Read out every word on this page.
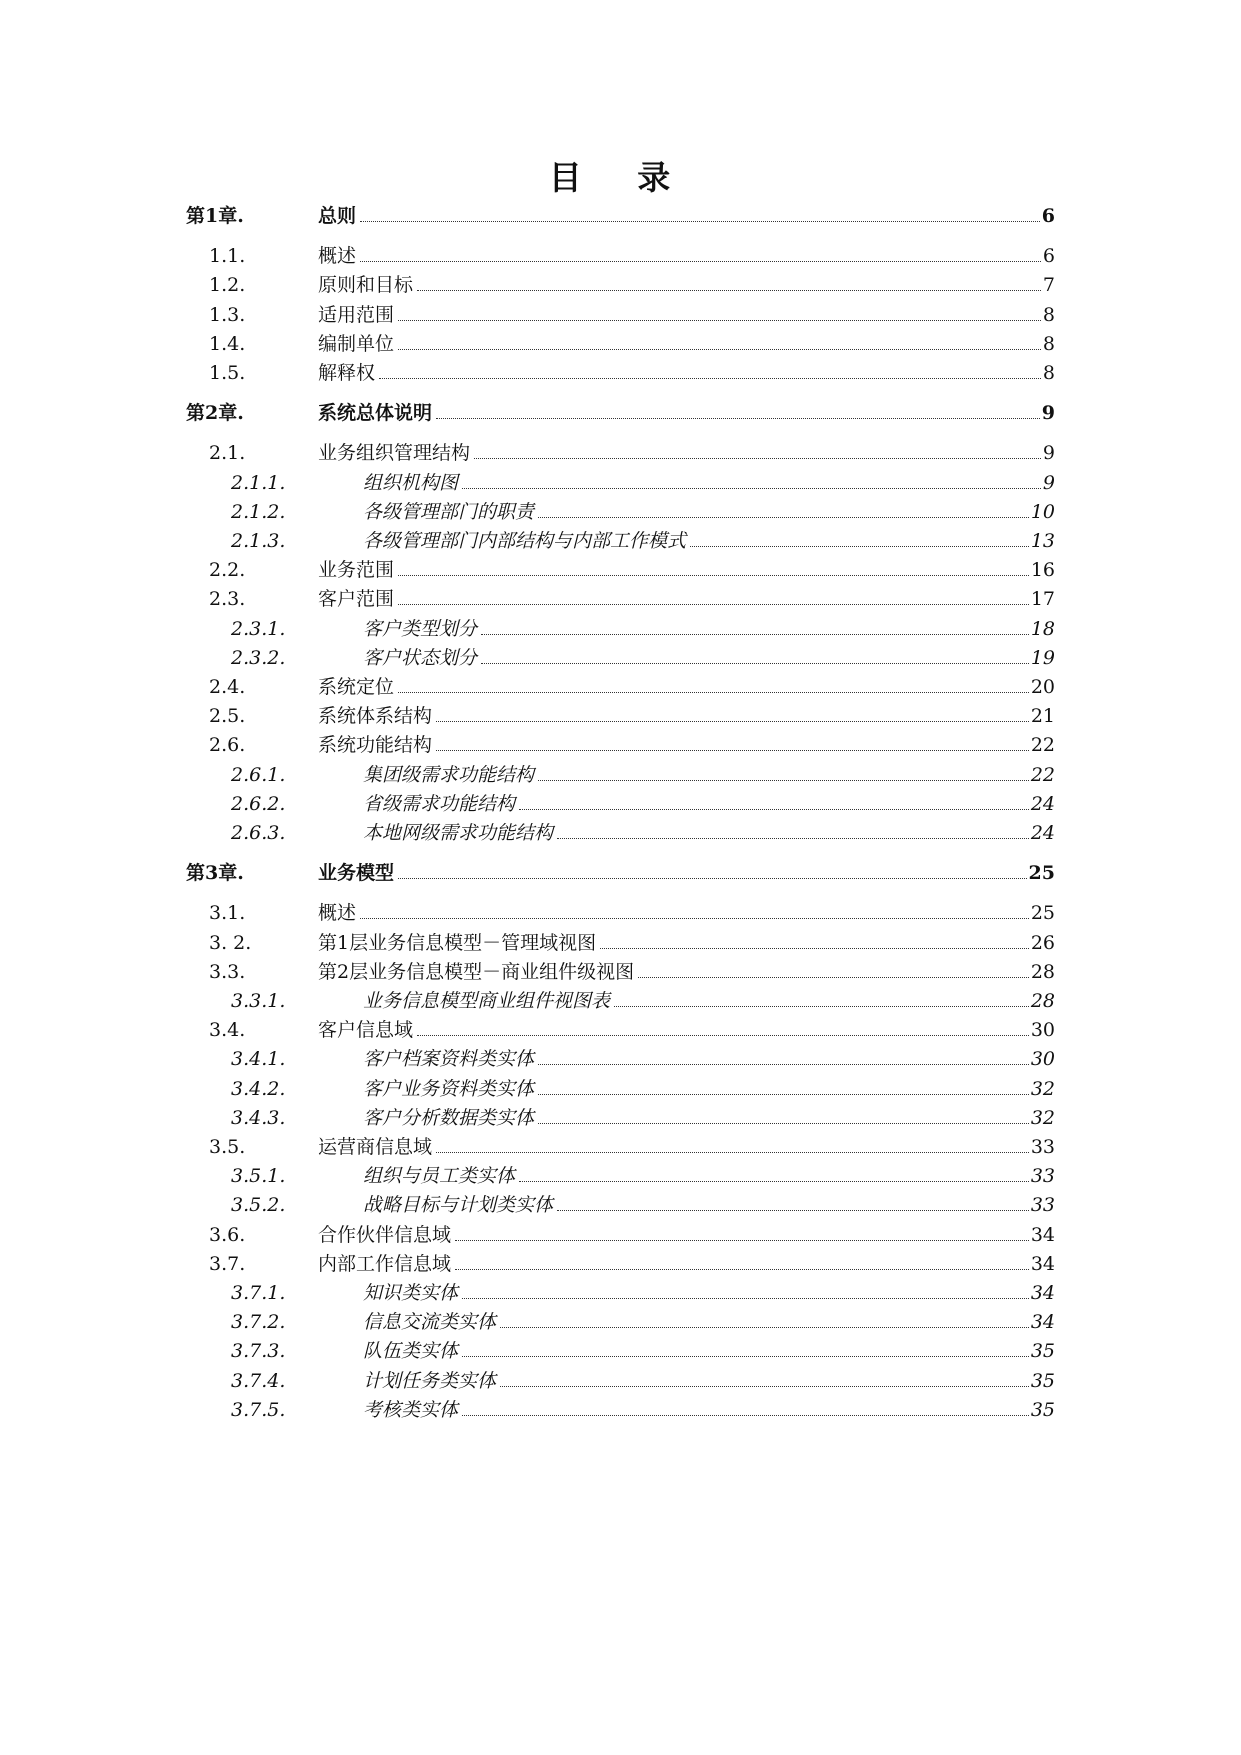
目 录
第1章.	总则	6
1.1.	概述	6
1.2.	原则和目标	7
1.3.	适用范围	8
1.4.	编制单位	8
1.5.	解释权	8
第2章.	系统总体说明	9
2.1.	业务组织管理结构	9
2.1.1.	组织机构图	9
2.1.2.	各级管理部门的职责	10
2.1.3.	各级管理部门内部结构与内部工作模式	13
2.2.	业务范围	16
2.3.	客户范围	17
2.3.1.	客户类型划分	18
2.3.2.	客户状态划分	19
2.4.	系统定位	20
2.5.	系统体系结构	21
2.6.	系统功能结构	22
2.6.1.	集团级需求功能结构	22
2.6.2.	省级需求功能结构	24
2.6.3.	本地网级需求功能结构	24
第3章.	业务模型	25
3.1.	概述	25
3. 2.	第1层业务信息模型－管理域视图	26
3.3.	第2层业务信息模型－商业组件级视图	28
3.3.1.	业务信息模型商业组件视图表	28
3.4.	客户信息域	30
3.4.1.	客户档案资料类实体	30
3.4.2.	客户业务资料类实体	32
3.4.3.	客户分析数据类实体	32
3.5.	运营商信息域	33
3.5.1.	组织与员工类实体	33
3.5.2.	战略目标与计划类实体	33
3.6.	合作伙伴信息域	34
3.7.	内部工作信息域	34
3.7.1.	知识类实体	34
3.7.2.	信息交流类实体	34
3.7.3.	队伍类实体	35
3.7.4.	计划任务类实体	35
3.7.5.	考核类实体	35
